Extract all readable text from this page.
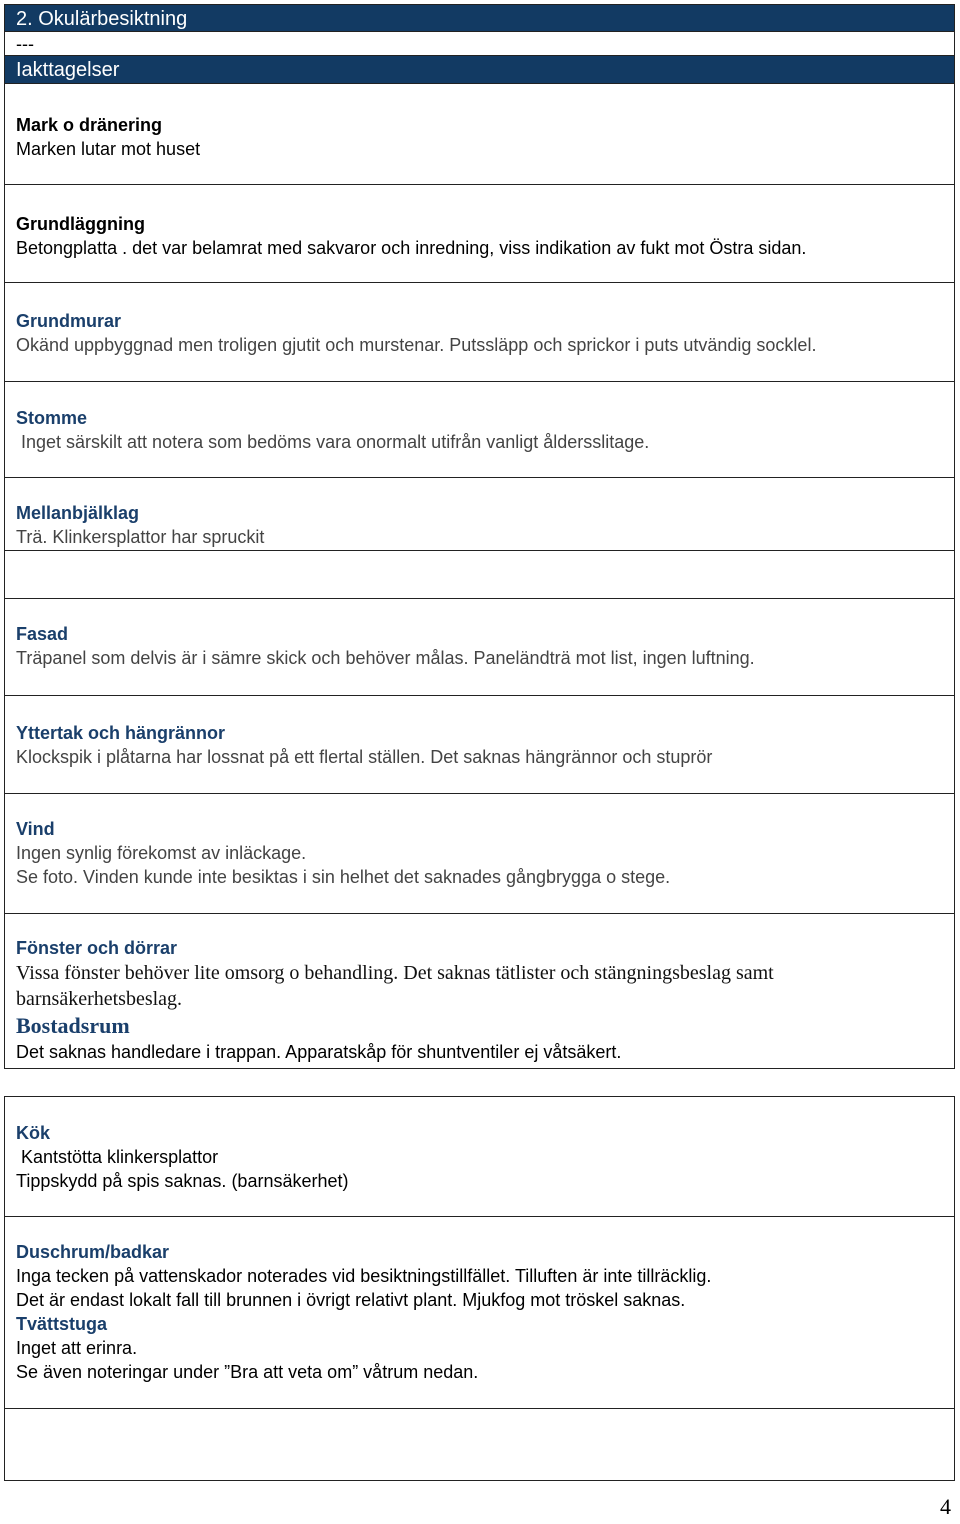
2. Okulärbesiktning
---
Iakttagelser
Mark o dränering
Marken lutar mot huset
Grundläggning
Betongplatta . det var belamrat med sakvaror och inredning, viss indikation av fukt mot Östra sidan.
Grundmurar
Okänd uppbyggnad men troligen gjutit och murstenar. Putssläpp och sprickor i puts utvändig socklel.
Stomme
Inget särskilt att notera som bedöms vara onormalt utifrån vanligt åldersslitage.
Mellanbjälklag
Trä. Klinkersplattor har spruckit
Fasad
Träpanel som delvis är i sämre skick och behöver målas. Paneländträ mot list, ingen luftning.
Yttertak och hängrännor
Klockspik i plåtarna har lossnat på ett flertal ställen. Det saknas hängrännor och stuprör
Vind
Ingen synlig förekomst av inläckage.
Se foto. Vinden kunde inte besiktas i sin helhet det saknades gångbrygga o stege.
Fönster och dörrar
Vissa fönster behöver lite omsorg o behandling. Det saknas tätlister och stängningsbeslag samt
barnsäkerhetsbeslag.
Bostadsrum
Det saknas handledare i trappan. Apparatskåp för shuntventiler ej våtsäkert.
Kök
Kantstötta klinkersplattor
Tippskydd på spis saknas. (barnsäkerhet)
Duschrum/badkar
Inga tecken på vattenskador noterades vid besiktningstillfället. Tilluften är inte tillräcklig.
Det är endast lokalt fall till brunnen i övrigt relativt plant. Mjukfog mot tröskel saknas.
Tvättstuga
Inget att erinra.
Se även noteringar under ”Bra att veta om” våtrum nedan.
4
